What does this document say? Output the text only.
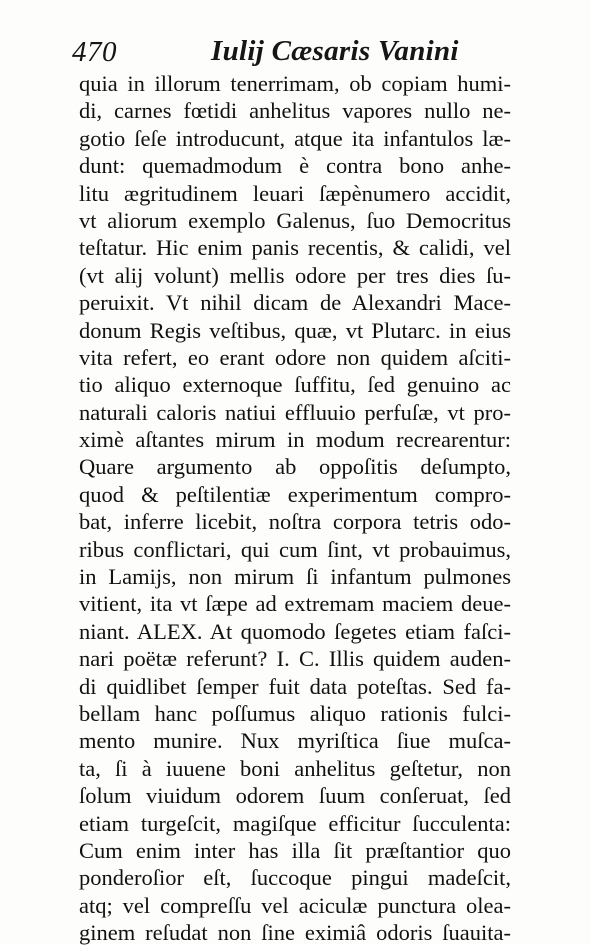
470	Iulij Cæsaris Vanini
quia in illorum tenerrimam, ob copiam humi-
di, carnes fœtidi anhelitus vapores nullo ne-
gotio ſeſe introducunt, atque ita infantulos læ-
dunt: quemadmodum è contra bono anhe-
litu ægritudinem leuari ſæpènumero accidit,
vt aliorum exemplo Galenus, ſuo Democritus
teſtatur. Hic enim panis recentis, & calidi, vel
(vt alij volunt) mellis odore per tres dies ſu-
peruixit. Vt nihil dicam de Alexandri Mace-
donum Regis veſtibus, quæ, vt Plutarc. in eius
vita refert, eo erant odore non quidem aſciti-
tio aliquo externoque ſuffitu, ſed genuino ac
naturali caloris natiui effluuio perfuſæ, vt pro-
ximè aſtantes mirum in modum recrearentur:
Quare argumento ab oppoſitis deſumpto,
quod & peſtilentiæ experimentum compro-
bat, inferre licebit, noſtra corpora tetris odo-
ribus conflictari, qui cum ſint, vt probauimus,
in Lamijs, non mirum ſi infantum pulmones
vitient, ita vt ſæpe ad extremam maciem deue-
niant. ALEX. At quomodo ſegetes etiam faſci-
nari poëtæ referunt? I. C. Illis quidem auden-
di quidlibet ſemper fuit data poteſtas. Sed fa-
bellam hanc poſſumus aliquo rationis fulci-
mento munire. Nux myriſtica ſiue muſca-
ta, ſi à iuuene boni anhelitus geſtetur, non
ſolum viuidum odorem ſuum conſeruat, ſed
etiam turgeſcit, magiſque efficitur ſucculenta:
Cum enim inter has illa ſit præſtantior quo
ponderoſior eſt, ſuccoque pingui madeſcit,
atq; vel compreſſu vel aciculæ punctura olea-
ginem reſudat non ſine eximiâ odoris ſuauita-
